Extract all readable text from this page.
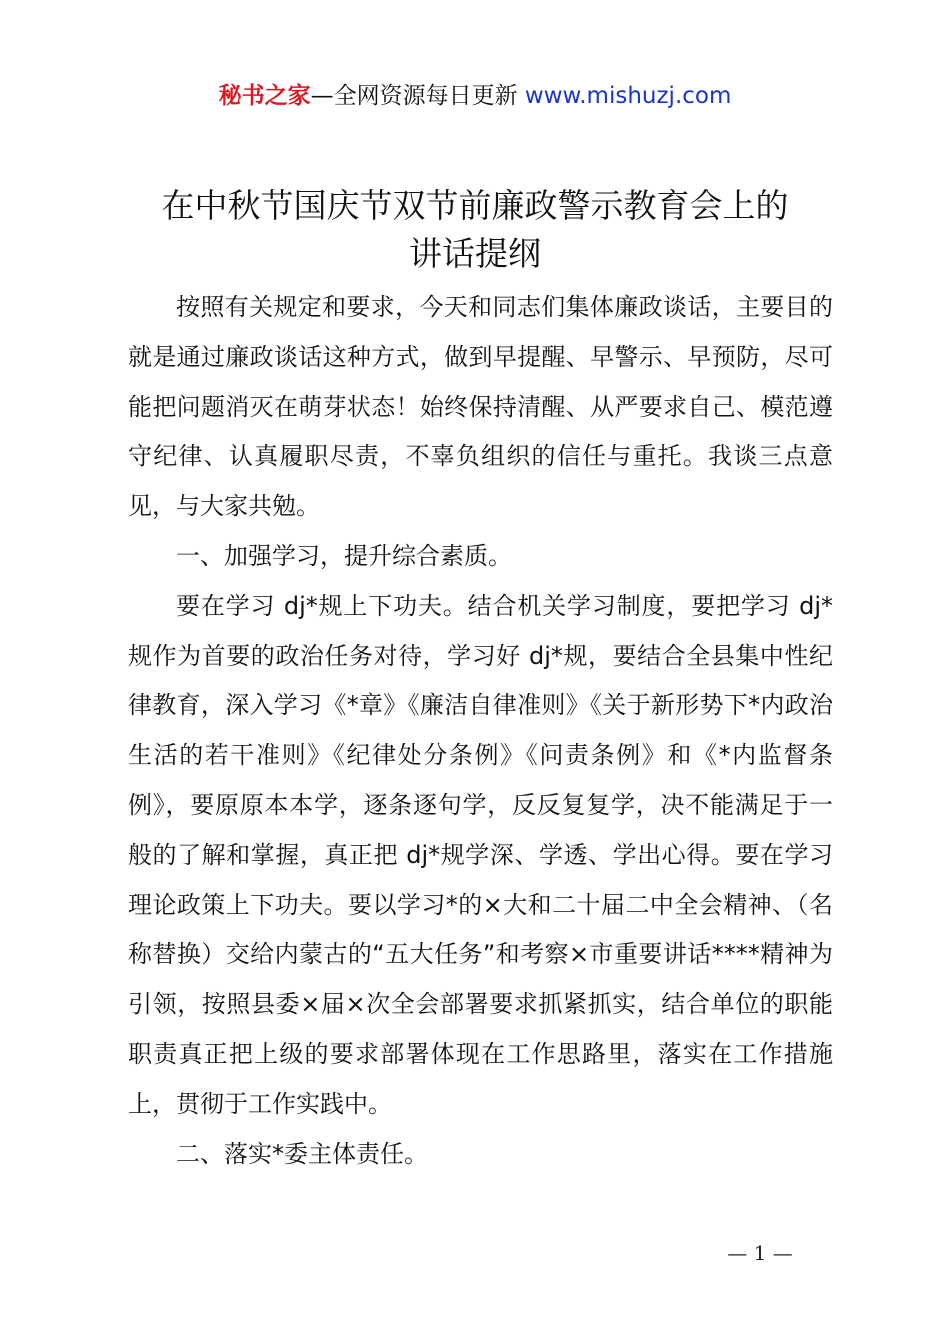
秘书之家—全网资源每日更新 www.mishuzj.com
在中秋节国庆节双节前廉政警示教育会上的
讲话提纲

按照有关规定和要求，今天和同志们集体廉政谈话，主要目的就是通过廉政谈话这种方式，做到早提醒、早警示、早预防，尽可能把问题消灭在萌芽状态！始终保持清醒、从严要求自己、模范遵守纪律、认真履职尽责，不辜负组织的信任与重托。我谈三点意见，与大家共勉。

一、加强学习，提升综合素质。

要在学习 dj*规上下功夫。结合机关学习制度，要把学习 dj*规作为首要的政治任务对待，学习好 dj*规，要结合全县集中性纪律教育，深入学习《*章》《廉洁自律准则》《关于新形势下*内政治生活的若干准则》《纪律处分条例》《问责条例》和《*内监督条例》，要原原本本学，逐条逐句学，反反复复学，决不能满足于一般的了解和掌握，真正把 dj*规学深、学透、学出心得。要在学习理论政策上下功夫。要以学习*的×大和二十届二中全会精神、（名称替换）交给内蒙古的“五大任务”和考察×市重要讲话****精神为引领，按照县委×届×次全会部署要求抓紧抓实，结合单位的职能职责真正把上级的要求部署体现在工作思路里，落实在工作措施上，贯彻于工作实践中。

二、落实*委主体责任。

— 1 —
